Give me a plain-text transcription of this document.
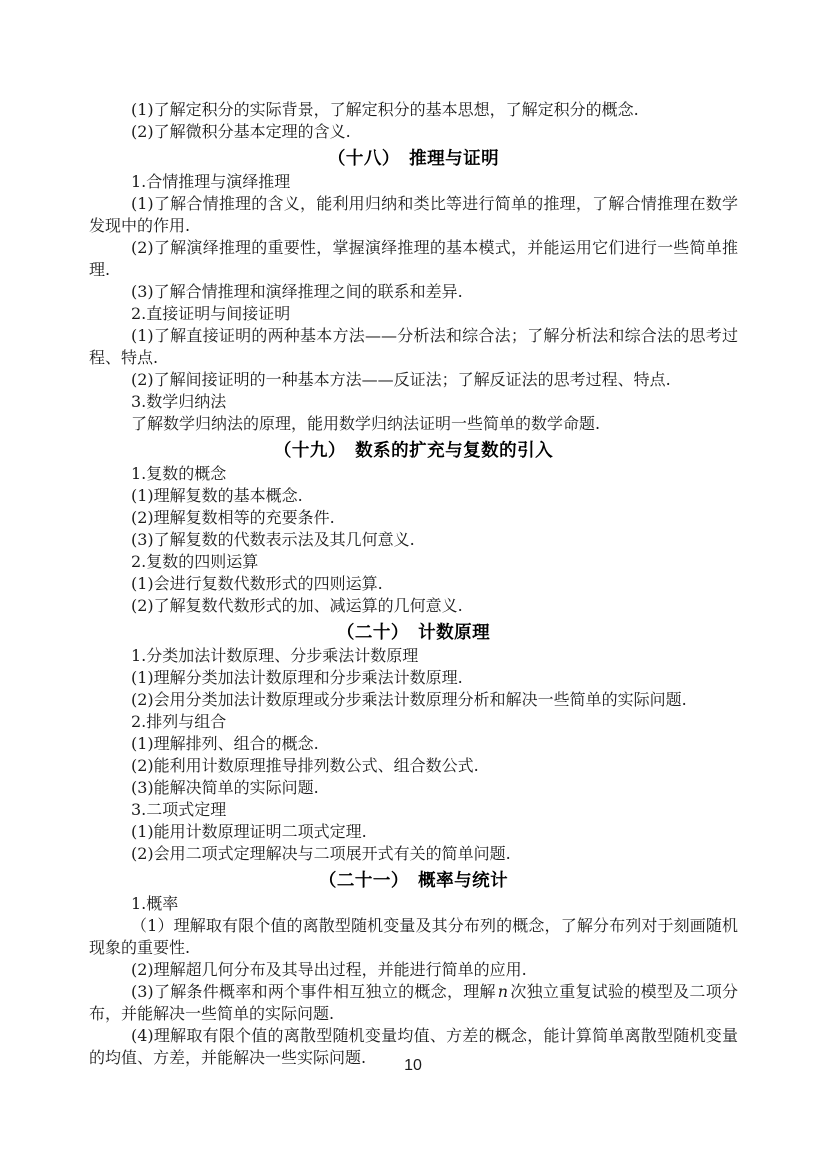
(1)了解定积分的实际背景，了解定积分的基本思想，了解定积分的概念.

(2)了解微积分基本定理的含义.

（十八）　推理与证明

1.合情推理与演绎推理

(1)了解合情推理的含义，能利用归纳和类比等进行简单的推理，了解合情推理在数学发现中的作用.

(2)了解演绎推理的重要性，掌握演绎推理的基本模式，并能运用它们进行一些简单推理.

(3)了解合情推理和演绎推理之间的联系和差异.

2.直接证明与间接证明

(1)了解直接证明的两种基本方法——分析法和综合法；了解分析法和综合法的思考过程、特点.

(2)了解间接证明的一种基本方法——反证法；了解反证法的思考过程、特点.

3.数学归纳法

了解数学归纳法的原理，能用数学归纳法证明一些简单的数学命题.

（十九）　数系的扩充与复数的引入

1.复数的概念

(1)理解复数的基本概念.

(2)理解复数相等的充要条件.

(3)了解复数的代数表示法及其几何意义.

2.复数的四则运算

(1)会进行复数代数形式的四则运算.

(2)了解复数代数形式的加、减运算的几何意义.

（二十）　计数原理

1.分类加法计数原理、分步乘法计数原理

(1)理解分类加法计数原理和分步乘法计数原理.

(2)会用分类加法计数原理或分步乘法计数原理分析和解决一些简单的实际问题.

2.排列与组合

(1)理解排列、组合的概念.

(2)能利用计数原理推导排列数公式、组合数公式.

(3)能解决简单的实际问题.

3.二项式定理

(1)能用计数原理证明二项式定理.

(2)会用二项式定理解决与二项展开式有关的简单问题.

（二十一）　概率与统计

1.概率

（1）理解取有限个值的离散型随机变量及其分布列的概念，了解分布列对于刻画随机现象的重要性.

(2)理解超几何分布及其导出过程，并能进行简单的应用.

(3)了解条件概率和两个事件相互独立的概念，理解 n 次独立重复试验的模型及二项分布，并能解决一些简单的实际问题.

(4)理解取有限个值的离散型随机变量均值、方差的概念，能计算简单离散型随机变量的均值、方差，并能解决一些实际问题.	10
